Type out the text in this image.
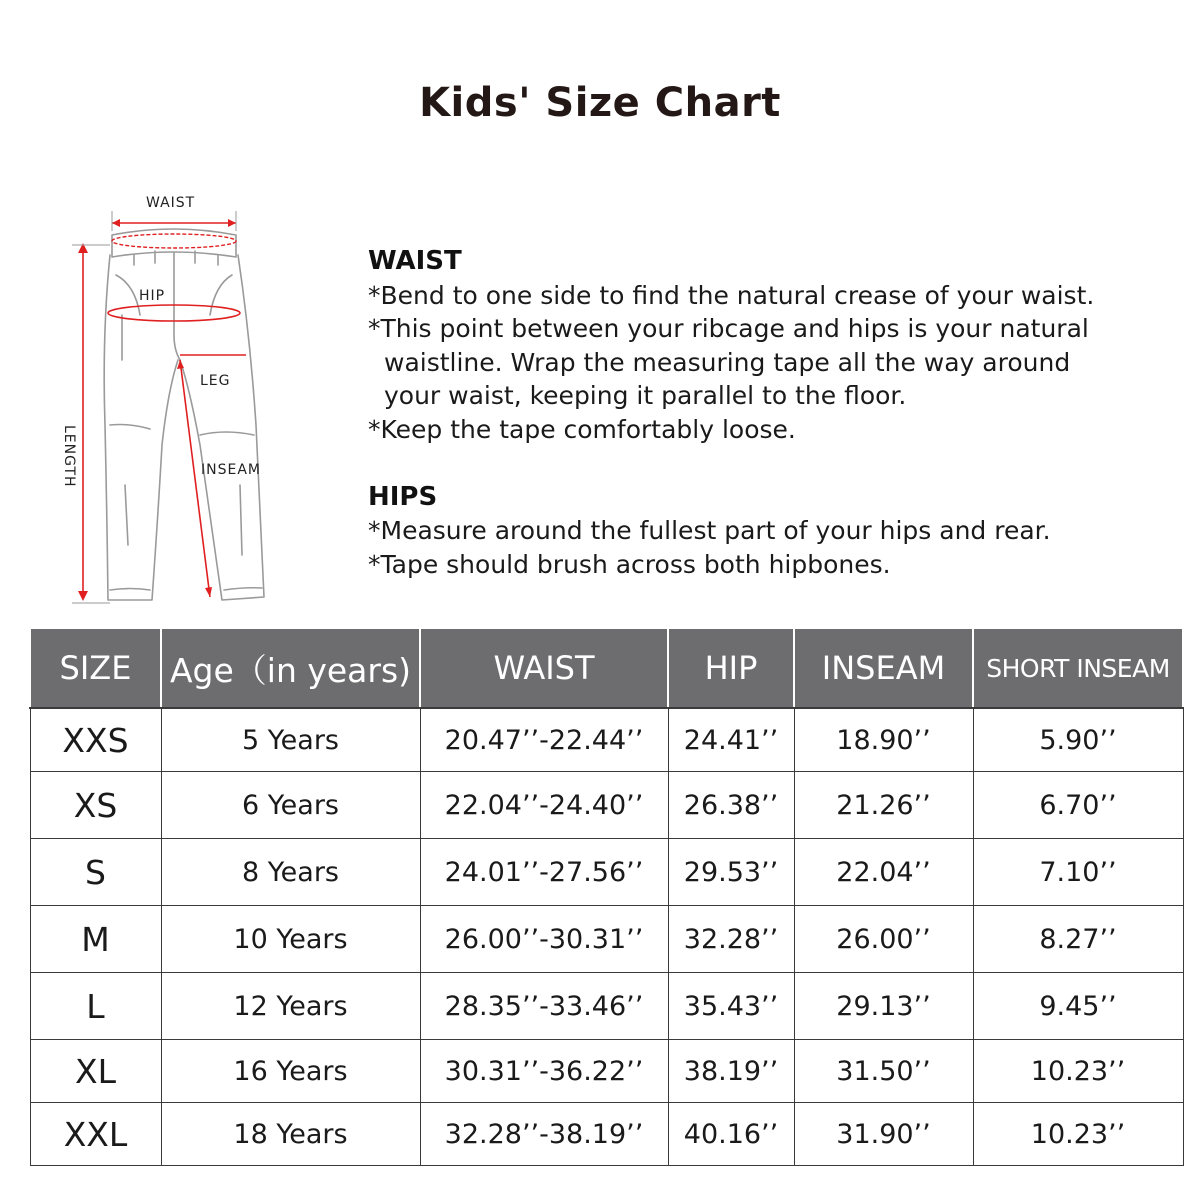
Kids' Size Chart
WAIST
HIP
LEG
INSEAM
LENGTH
WAIST
*Bend to one side to find the natural crease of your waist.
*This point between your ribcage and hips is your natural
waistline. Wrap the measuring tape all the way around
your waist, keeping it parallel to the floor.
*Keep the tape comfortably loose.
HIPS
*Measure around the fullest part of your hips and rear.
*Tape should brush across both hipbones.
SIZE	Age（in years)	WAIST	HIP	INSEAM	SHORT INSEAM
XXS	5 Years	20.47’’-22.44’’	24.41’’	18.90’’	5.90’’
XS	6 Years	22.04’’-24.40’’	26.38’’	21.26’’	6.70’’
S	8 Years	24.01’’-27.56’’	29.53’’	22.04’’	7.10’’
M	10 Years	26.00’’-30.31’’	32.28’’	26.00’’	8.27’’
L	12 Years	28.35’’-33.46’’	35.43’’	29.13’’	9.45’’
XL	16 Years	30.31’’-36.22’’	38.19’’	31.50’’	10.23’’
XXL	18 Years	32.28’’-38.19’’	40.16’’	31.90’’	10.23’’
